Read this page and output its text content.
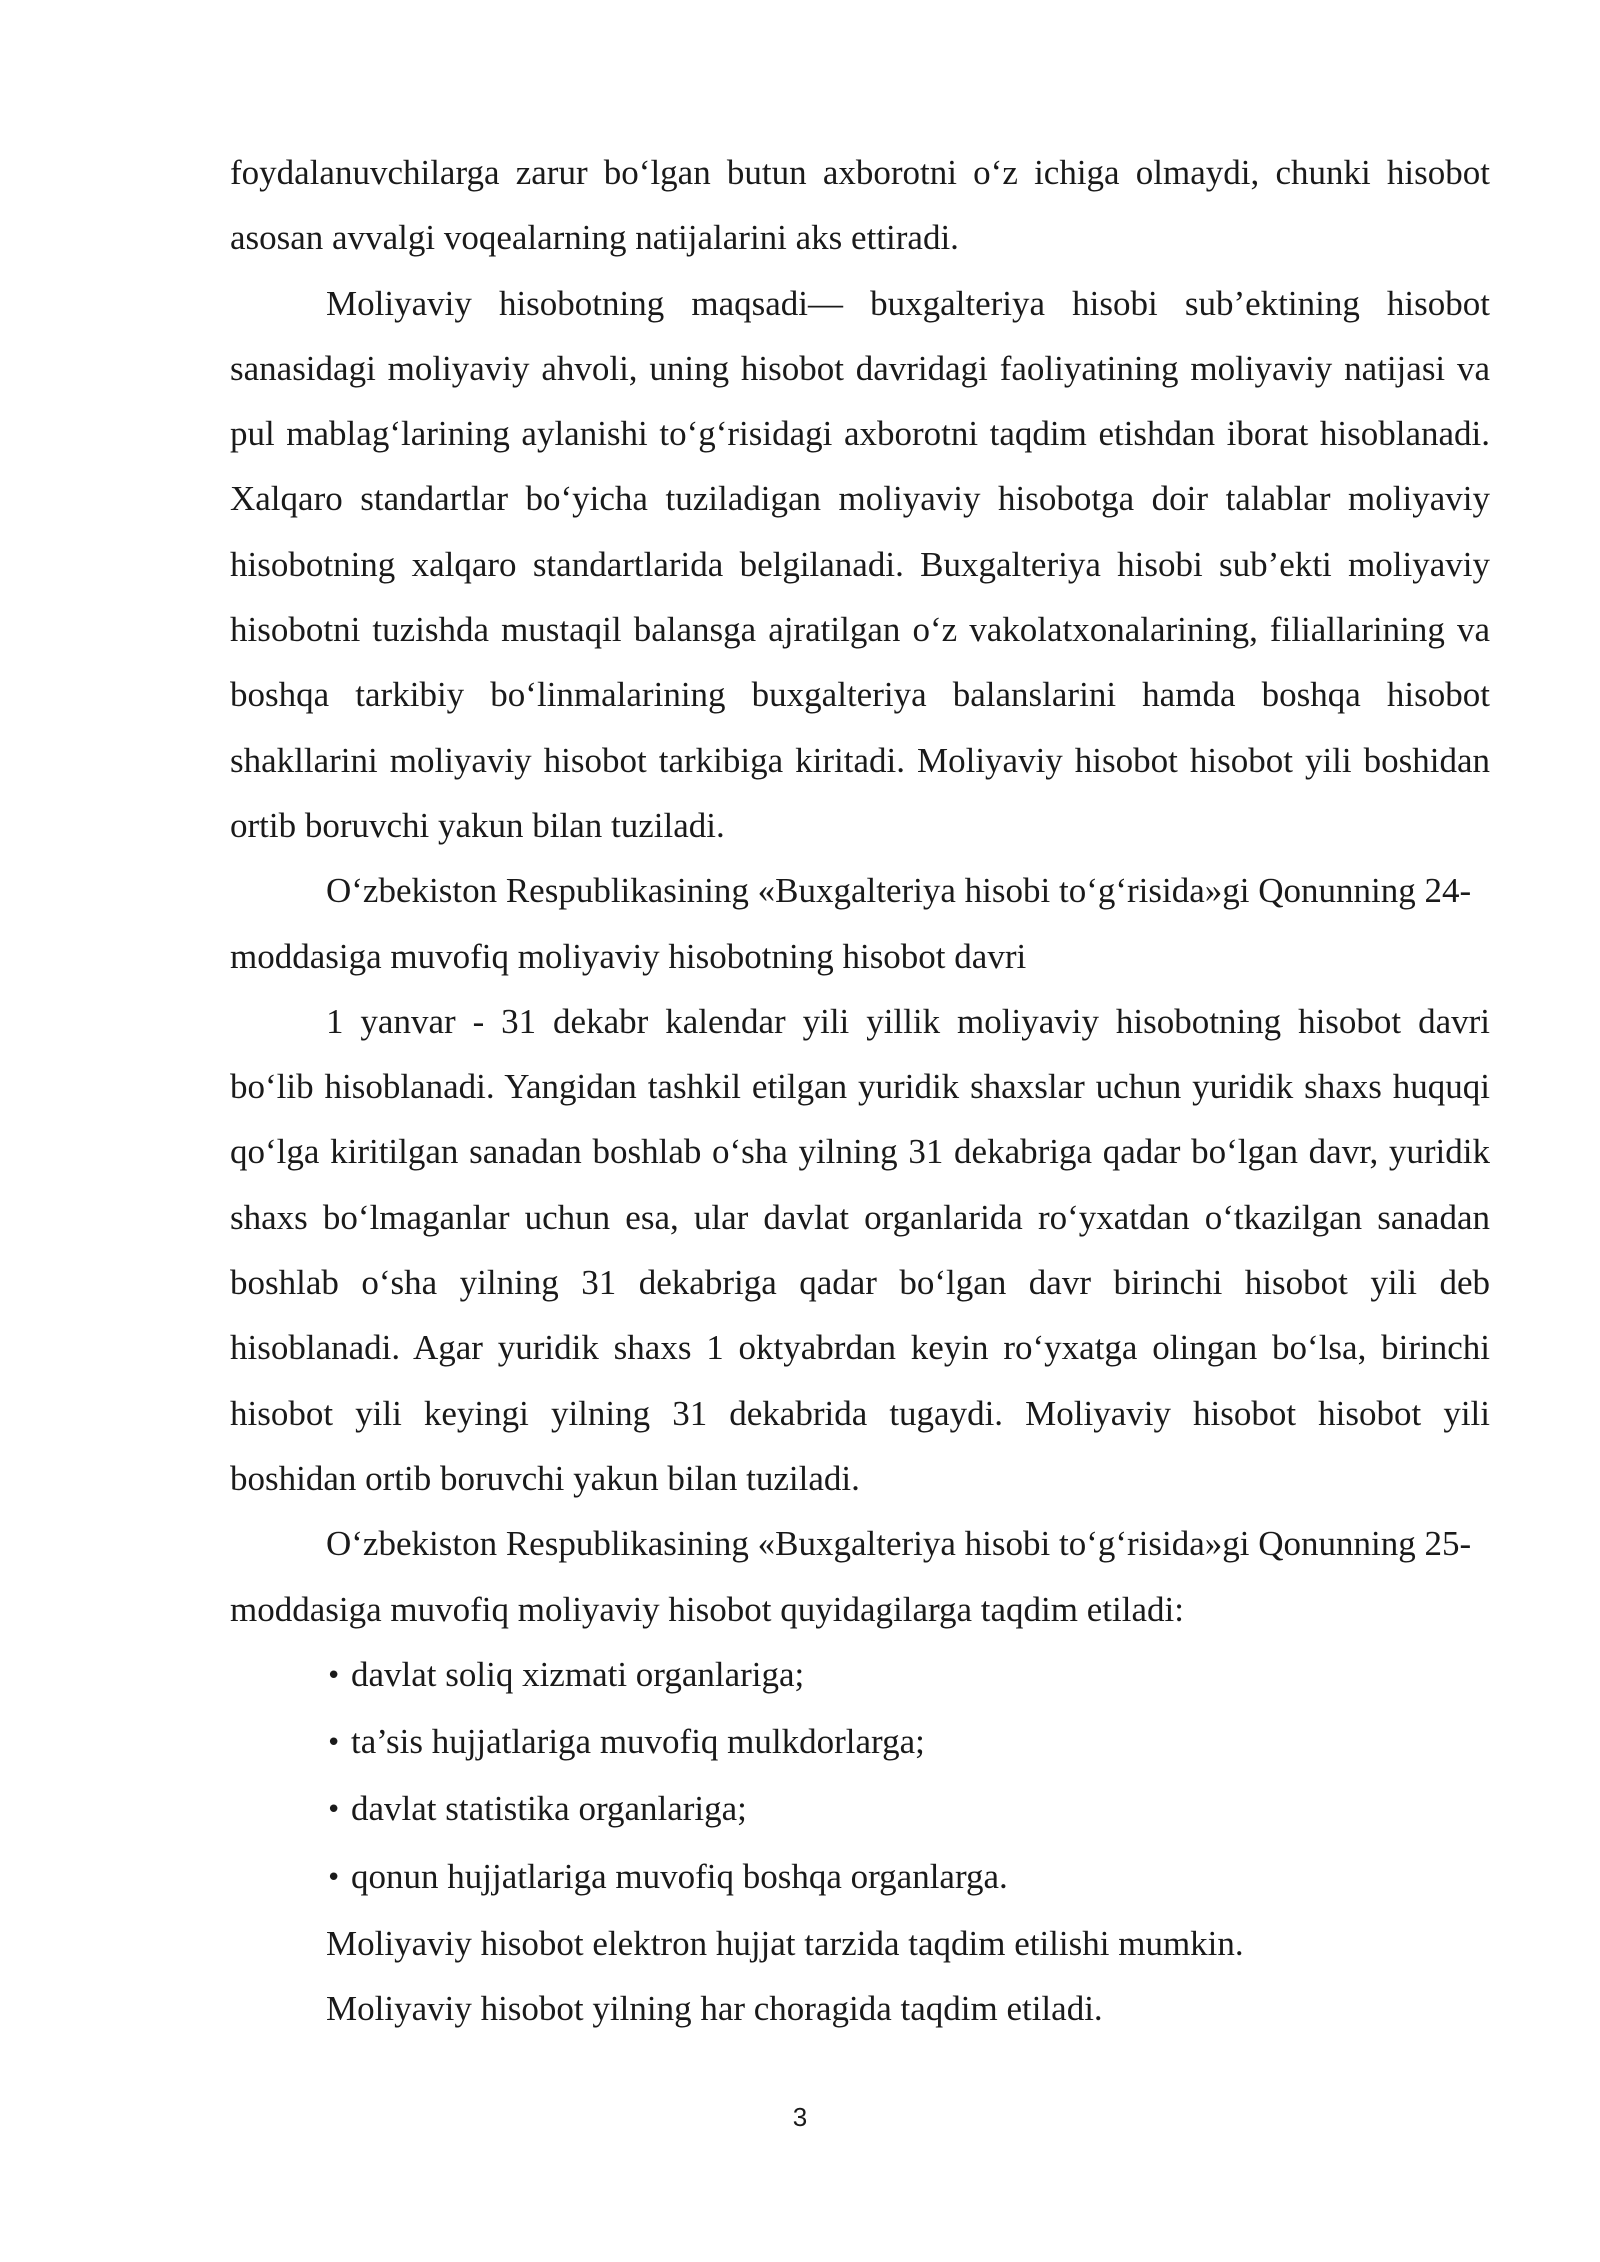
foydalanuvchilarga zarur bo‘lgan butun axborotni o‘z ichiga olmaydi, chunki hisobot asosan avvalgi voqealarning natijalarini aks ettiradi.

Moliyaviy hisobotning maqsadi— buxgalteriya hisobi sub’ektining hisobot sanasidagi moliyaviy ahvoli, uning hisobot davridagi faoliyatining moliyaviy natijasi va pul mablag‘larining aylanishi to‘g‘risidagi axborotni taqdim etishdan iborat hisoblanadi. Xalqaro standartlar bo‘yicha tuziladigan moliyaviy hisobotga doir talablar moliyaviy hisobotning xalqaro standartlarida belgilanadi. Buxgalteriya hisobi sub’ekti moliyaviy hisobotni tuzishda mustaqil balansga ajratilgan o‘z vakolatxonalarining, filiallarining va boshqa tarkibiy bo‘linmalarining buxgalteriya balanslarini hamda boshqa hisobot shakllarini moliyaviy hisobot tarkibiga kiritadi. Moliyaviy hisobot hisobot yili boshidan ortib boruvchi yakun bilan tuziladi.

O‘zbekiston Respublikasining «Buxgalteriya hisobi to‘g‘risida»gi Qonunning 24- moddasiga muvofiq moliyaviy hisobotning hisobot davri

1 yanvar - 31 dekabr kalendar yili yillik moliyaviy hisobotning hisobot davri bo‘lib hisoblanadi. Yangidan tashkil etilgan yuridik shaxslar uchun yuridik shaxs huquqi qo‘lga kiritilgan sanadan boshlab o‘sha yilning 31 dekabriga qadar bo‘lgan davr, yuridik shaxs bo‘lmaganlar uchun esa, ular davlat organlarida ro‘yxatdan o‘tkazilgan sanadan boshlab o‘sha yilning 31 dekabriga qadar bo‘lgan davr birinchi hisobot yili deb hisoblanadi. Agar yuridik shaxs 1 oktyabrdan keyin ro‘yxatga olingan bo‘lsa, birinchi hisobot yili keyingi yilning 31 dekabrida tugaydi. Moliyaviy hisobot hisobot yili boshidan ortib boruvchi yakun bilan tuziladi.

O‘zbekiston Respublikasining «Buxgalteriya hisobi to‘g‘risida»gi Qonunning 25- moddasiga muvofiq moliyaviy hisobot quyidagilarga taqdim etiladi:

• davlat soliq xizmati organlariga;
• ta’sis hujjatlariga muvofiq mulkdorlarga;
• davlat statistika organlariga;
• qonun hujjatlariga muvofiq boshqa organlarga.

Moliyaviy hisobot elektron hujjat tarzida taqdim etilishi mumkin.

Moliyaviy hisobot yilning har choragida taqdim etiladi.

3
